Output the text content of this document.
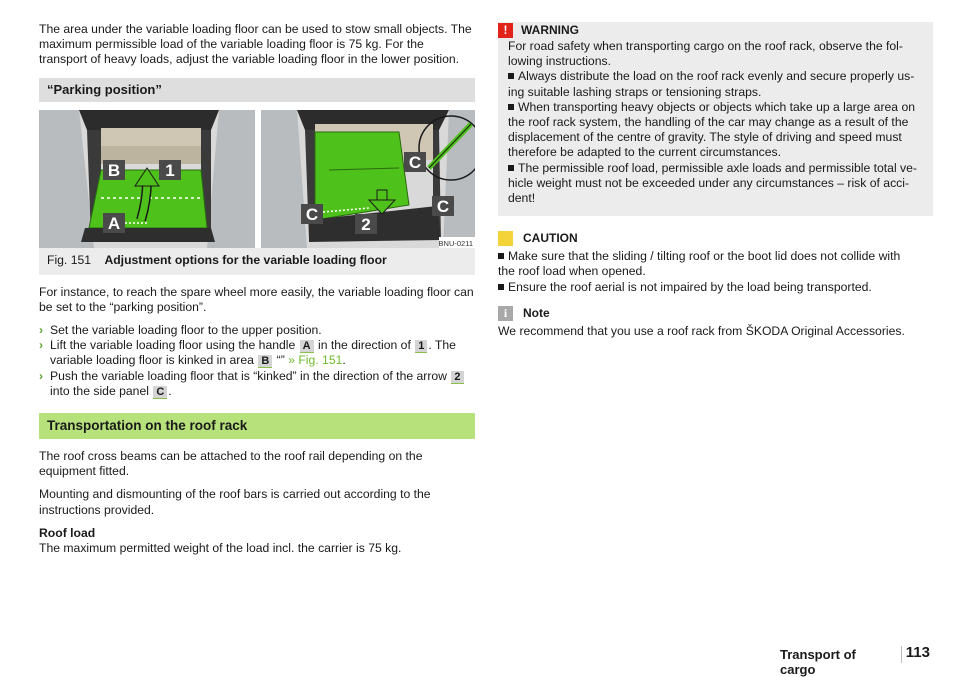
The area under the variable loading floor can be used to stow small objects. The maximum permissible load of the variable loading floor is 75 kg. For the transport of heavy loads, adjust the variable loading floor in the lower position.

“Parking position”
B	1
A
C
C
2
C
BNU-0211
Fig. 151 Adjustment options for the variable loading floor

For instance, to reach the spare wheel more easily, the variable loading floor can be set to the “parking position”.

› Set the variable loading floor to the upper position.
› Lift the variable loading floor using the handle A in the direction of 1 . The variable loading floor is kinked in area B “” » Fig. 151.
› Push the variable loading floor that is “kinked” in the direction of the arrow 2 into the side panel C .
Transportation on the roof rack

The roof cross beams can be attached to the roof rail depending on the equipment fitted.

Mounting and dismounting of the roof bars is carried out according to the instructions provided.

Roof load

The maximum permitted weight of the load incl. the carrier is 75 kg.

!	WARNING
For road safety when transporting cargo on the roof rack, observe the fol-
lowing instructions.
Always distribute the load on the roof rack evenly and secure properly us-
ing suitable lashing straps or tensioning straps.
When transporting heavy objects or objects which take up a large area on
the roof rack system, the handling of the car may change as a result of the
displacement of the centre of gravity. The style of driving and speed must
therefore be adapted to the current circumstances.
The permissible roof load, permissible axle loads and permissible total ve-
hicle weight must not be exceeded under any circumstances – risk of acci-
dent!
CAUTION
Make sure that the sliding / tilting roof or the boot lid does not collide with
the roof load when opened.
Ensure the roof aerial is not impaired by the load being transported.
i	Note
We recommend that you use a roof rack from ŠKODA Original Accessories.
Transport of cargo
113
